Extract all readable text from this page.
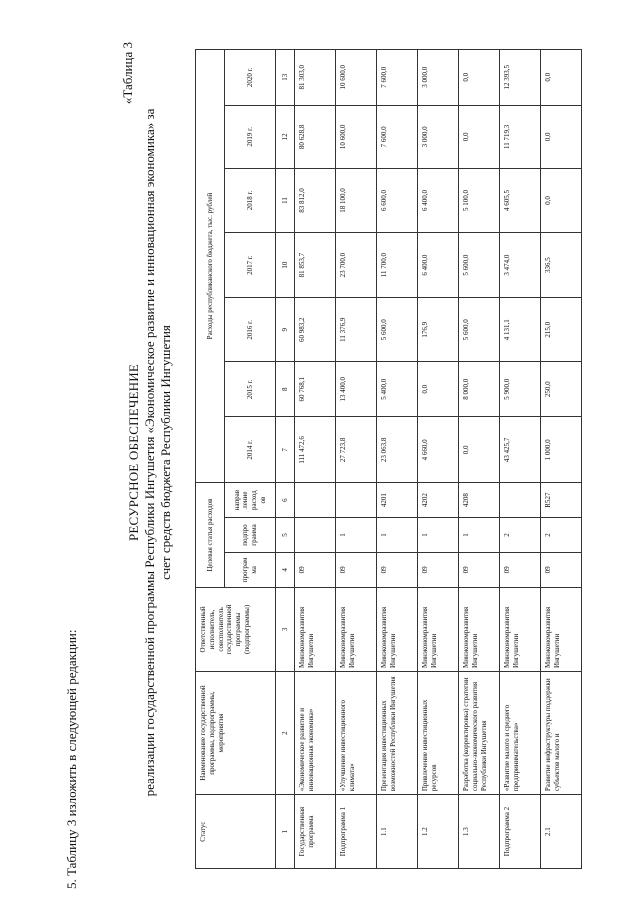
5. Таблицу 3 изложить в следующей редакции:
«Таблица 3
РЕСУРСНОЕ ОБЕСПЕЧЕНИЕ реализации государственной программы Республики Ингушетия «Экономическое развитие и инновационная экономика» за счет средств бюджета Республики Ингушетия
Статус	Наименование государственной программы, подпрограммы, мероприятия	Ответственный исполнитель, соисполнитель государственной программы (подпрограммы)	Целевая статья расходов			Расходы республиканского бюджета, тыс. рублей						
			програм ма	подпро грамма	направ ление расход ов	2014 г.	2015 г.	2016 г.	2017 г.	2018 г.	2019 г.	2020 г.
1	2	3	4	5	6	7	8	9	10	11	12	13
Государственная программа	«Экономическое развитие и инновационная экономика»	Минэкономразвития Ингушетии	09			111 472,6	60 768,1	60 983,2	81 853,7	83 812,0	80 628,8	81 303,0
Подпрограмма 1	«Улучшение инвестиционного климата»	Минэкономразвития Ингушетии	09	1		27 723,8	13 400,0	11 376,9	23 700,0	18 100,0	10 600,0	10 600,0
1.1	Презентация инвестиционных возможностей Республики Ингушетия	Минэкономразвития Ингушетии	09	1	4201	23 063,8	5 400,0	5 600,0	11 700,0	6 600,0	7 600,0	7 600,0
1.2	Привлечение инвестиционных ресурсов	Минэкономразвития Ингушетии	09	1	4202	4 660,0	0,0	176,9	6 400,0	6 400,0	3 000,0	3 000,0
1.3	Разработка (корректировка) стратегии социально-экономического развития Республики Ингушетия	Минэкономразвития Ингушетии	09	1	4208	0,0	8 000,0	5 600,0	5 600,0	5 100,0	0,0	0,0
Подпрограмма 2	«Развитие малого и среднего предпринимательства»	Минэкономразвития Ингушетии	09	2		43 425,7	5 900,0	4 131,1	3 474,0	4 605,5	11 719,3	12 393,5
2.1	Развитие инфраструктуры поддержки субъектов малого и	Минэкономразвития Ингушетии	09	2	R527	1 000,0	250,0	215,0	336,5	0,0	0,0	0,0
